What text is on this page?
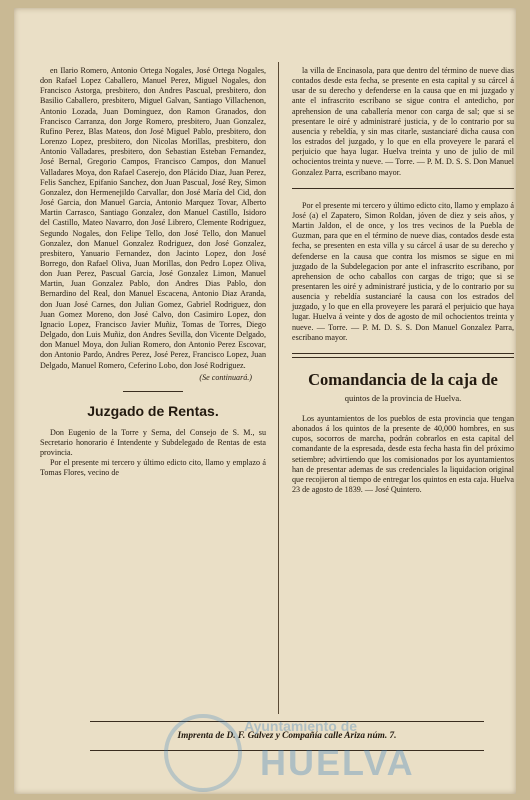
en Ilario Romero, Antonio Ortega Nogales, José Ortega Nogales, don Rafael Lopez Caballero, Manuel Perez, Miguel Nogales, don Francisco Astorga, presbitero, don Andres Pascual, presbitero, don Basilio Caballero, presbitero, Miguel Galvan, Santiago Villachenon, Antonio Lozada, Juan Dominguez, don Ramon Granados, don Francisco Carranza, don Jorge Romero, presbitero, Juan Gonzalez, Rufino Perez, Blas Mateos, don José Miguel Pablo, presbitero, don Lorenzo Lopez, presbitero, don Nicolas Morillas, presbitero, don Antonio Valladares, presbitero, don Sebastian Esteban Fernandez, José Bernal, Gregorio Campos, Francisco Campos, don Manuel Valladares Moya, don Rafael Caserejo, don Plácido Diaz, Juan Perez, Felis Sanchez, Epifanio Sanchez, don Juan Pascual, José Rey, Simon Gonzalez, don Hermenejildo Carvallar, don José María del Cid, don José Garcia, don Manuel Garcia, Antonio Marquez Tovar, Alberto Martin Carrasco, Santiago Gonzalez, don Manuel Castillo, Isidoro del Castillo, Mateo Navarro, don José Librero, Clemente Rodriguez, Segundo Nogales, don Felipe Tello, don José Tello, don Manuel Gonzalez, don Manuel Gonzalez Rodriguez, don José Gonzalez, presbitero, Yanuario Fernandez, don Jacinto Lopez, don José Borrego, don Rafael Oliva, Juan Morillas, don Pedro Lopez Oliva, don Juan Perez, Pascual Garcia, José Gonzalez Limon, Manuel Martin, Juan Gonzalez Pablo, don Andres Dias Pablo, don Bernardino del Real, don Manuel Escacena, Antonio Diaz Aranda, don Juan José Carnes, don Julian Gomez, Gabriel Rodriguez, don Juan Gomez Moreno, don José Calvo, don Casimiro Lopez, don Ignacio Lopez, Francisco Javier Muñiz, Tomas de Torres, Diego Delgado, don Luis Muñiz, don Andres Sevilla, don Vicente Delgado, don Manuel Moya, don Julian Romero, don Antonio Perez Escovar, don Antonio Pardo, Andres Perez, José Perez, Francisco Lopez, Juan Delgado, Manuel Romero, Ceferino Lobo, don José Rodriguez.

(Se continuará.)
Juzgado de Rentas.

Don Eugenio de la Torre y Serna, del Consejo de S. M., su Secretario honorario é Intendente y Subdelegado de Rentas de esta provincia.

Por el presente mi tercero y último edicto cito, llamo y emplazo á Tomas Flores, vecino de

la villa de Encinasola, para que dentro del término de nueve dias contados desde esta fecha, se presente en esta capital y su cárcel á usar de su derecho y defenderse en la causa que en mi juzgado y ante el infrascrito escribano se sigue contra el antedicho, por aprehension de una caballería menor con carga de sal; que si se presentare le oiré y administraré justicia, y de lo contrario por su ausencia y rebeldía, y sin mas citarle, sustanciaré dicha causa con los estrados del juzgado, y lo que en ella proveyere le parará el perjuicio que haya lugar. Huelva treinta y uno de julio de mil ochocientos treinta y nueve. — Torre. — P. M. D. S. S. Don Manuel Gonzalez Parra, escribano mayor.

Por el presente mi tercero y último edicto cito, llamo y emplazo á José (a) el Zapatero, Simon Roldan, jóven de diez y seis años, y Martin Jaldon, el de once, y los tres vecinos de la Puebla de Guzman, para que en el término de nueve dias, contados desde esta fecha, se presenten en esta villa y su cárcel á usar de su derecho y defenderse en la causa que contra los mismos se sigue en mi juzgado de la Subdelegacion por ante el infrascrito escribano, por aprehension de ocho caballos con cargas de trigo; que si se presentaren les oiré y administraré justicia, y de lo contrario por su ausencia y rebeldía sustanciaré la causa con los estrados del juzgado, y lo que en ella proveyere les parará el perjuicio que haya lugar. Huelva á veinte y dos de agosto de mil ochocientos treinta y nueve. — Torre. — P. M. D. S. S. Don Manuel Gonzalez Parra, escribano mayor.

Comandancia de la caja de
quintos de la provincia de Huelva.

Los ayuntamientos de los pueblos de esta provincia que tengan abonados á los quintos de la presente de 40,000 hombres, en sus cupos, socorros de marcha, podrán cobrarlos en esta capital del comandante de la espresada, desde esta fecha hasta fin del próximo setiembre; advirtiendo que los comisionados por los ayuntamientos han de presentar ademas de sus credenciales la liquidacion original que recojieron al tiempo de entregar los quintos en esta caja. Huelva 23 de agosto de 1839. — José Quintero.

Imprenta de D. F. Galvez y Compañía calle Ariza núm. 7.
Ayuntamiento de
HUELVA
